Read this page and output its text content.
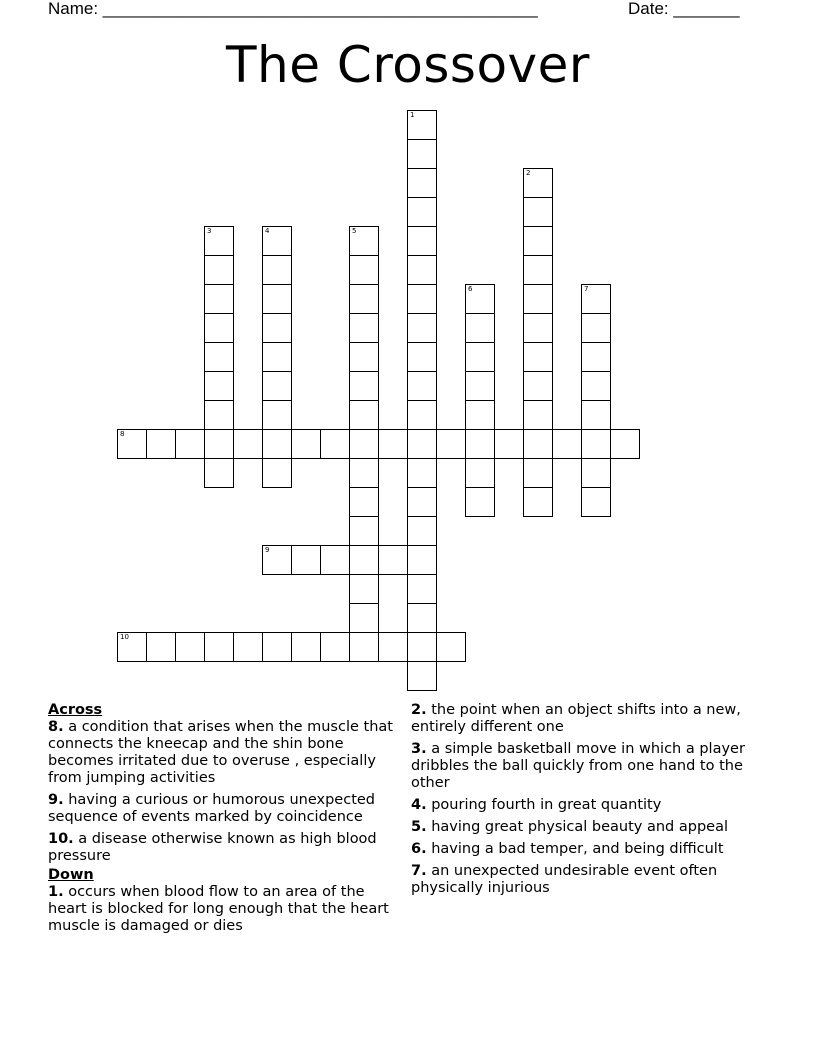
Name: ______________________________________________	Date: _______
The Crossover
1
2
3	4	5
6	7
8
9
10

Across

8. a condition that arises when the muscle that connects the kneecap and the shin bone becomes irritated due to overuse , especially from jumping activities

9. having a curious or humorous unexpected sequence of events marked by coincidence

10. a disease otherwise known as high blood pressure

Down

1. occurs when blood flow to an area of the heart is blocked for long enough that the heart muscle is damaged or dies

2. the point when an object shifts into a new, entirely different one

3. a simple basketball move in which a player dribbles the ball quickly from one hand to the other

4. pouring fourth in great quantity

5. having great physical beauty and appeal

6. having a bad temper, and being difficult

7. an unexpected undesirable event often physically injurious
